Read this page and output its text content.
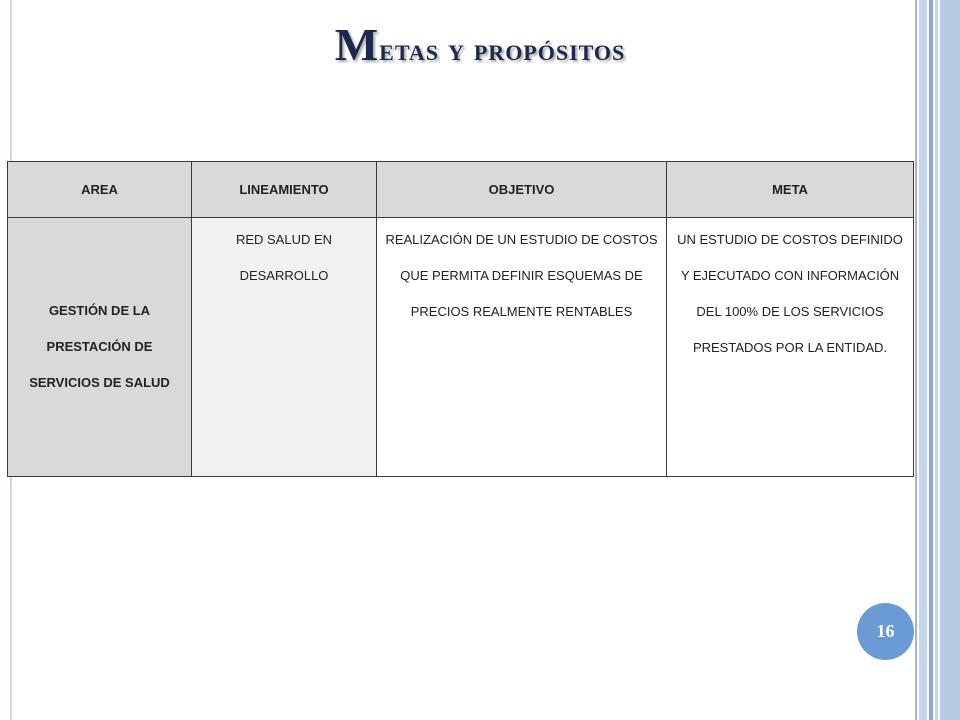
Metas y propósitos
AREA	LINEAMIENTO	OBJETIVO	META
GESTIÓN DE LA PRESTACIÓN DE SERVICIOS DE SALUD	RED SALUD EN DESARROLLO	REALIZACIÓN DE UN ESTUDIO DE COSTOS QUE PERMITA DEFINIR ESQUEMAS DE PRECIOS REALMENTE RENTABLES	UN ESTUDIO DE COSTOS DEFINIDO Y EJECUTADO CON INFORMACIÓN DEL 100% DE LOS SERVICIOS PRESTADOS POR LA ENTIDAD.
16
